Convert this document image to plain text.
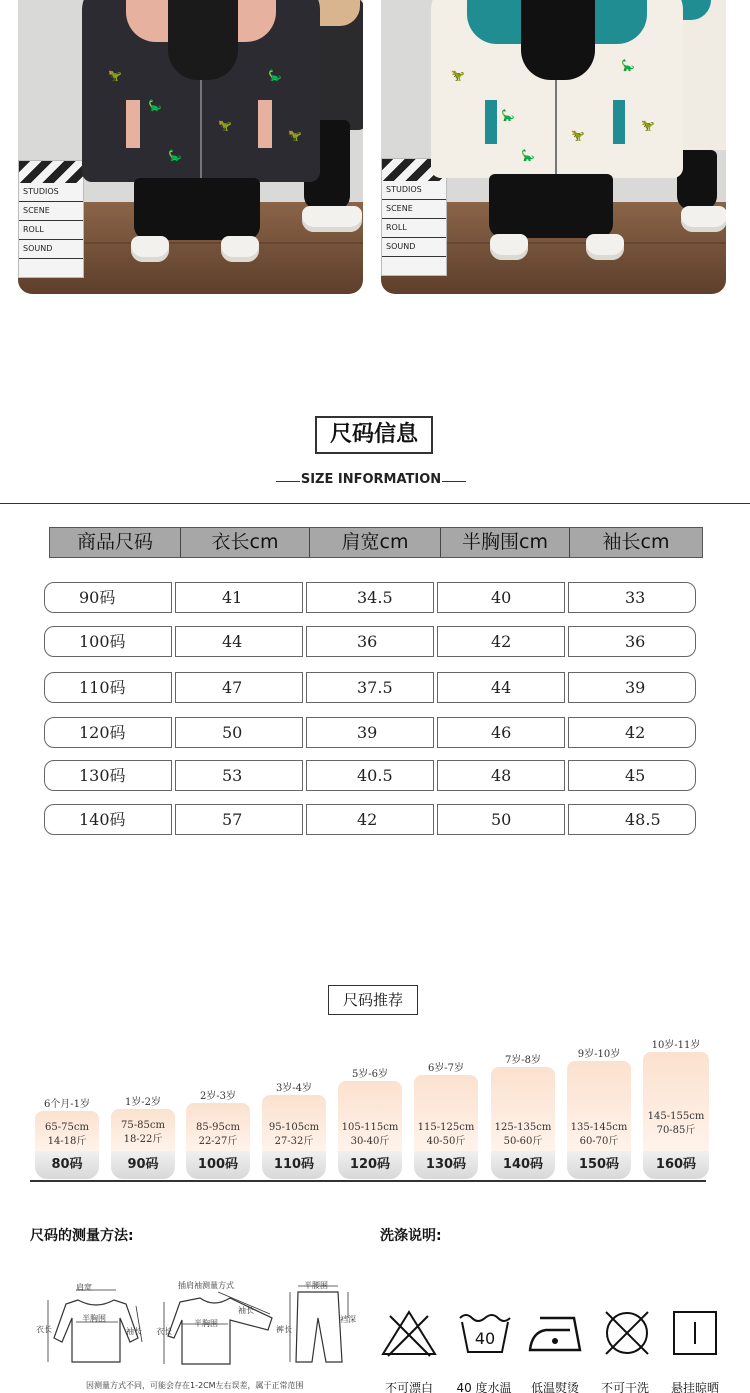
STUDIOS
SCENE
ROLL
SOUND
🦖
🦕
🦖
🦕
🦖
🦕
STUDIOS
SCENE
ROLL
SOUND
🦖
🦕
🦖
🦕
🦖
🦕
尺码信息
SIZE INFORMATION
商品尺码	衣长cm	肩宽cm	半胸围cm	袖长cm
90码	41	34.5	40	33
100码	44	36	42	36
110码	47	37.5	44	39
120码	50	39	46	42
130码	53	40.5	48	45
140码	57	42	50	48.5
尺码推荐
6个月-1岁
65-75cm
14-18斤
80码
1岁-2岁
75-85cm
18-22斤
90码
2岁-3岁
85-95cm
22-27斤
100码
3岁-4岁
95-105cm
27-32斤
110码
5岁-6岁
105-115cm
30-40斤
120码
6岁-7岁
115-125cm
40-50斤
130码
7岁-8岁
125-135cm
50-60斤
140码
9岁-10岁
135-145cm
60-70斤
150码
10岁-11岁
145-155cm
70-85斤
160码
尺码的测量方法:
肩宽
半胸围
衣长	袖长
插肩袖测量方式
袖长
半胸围
衣长
半腰围
裤长
裆深
因测量方式不同，可能会存在1-2CM左右误差，属于正常范围
洗涤说明:
40
不可漂白	40 度水温	低温熨烫	不可干洗	悬挂晾晒
